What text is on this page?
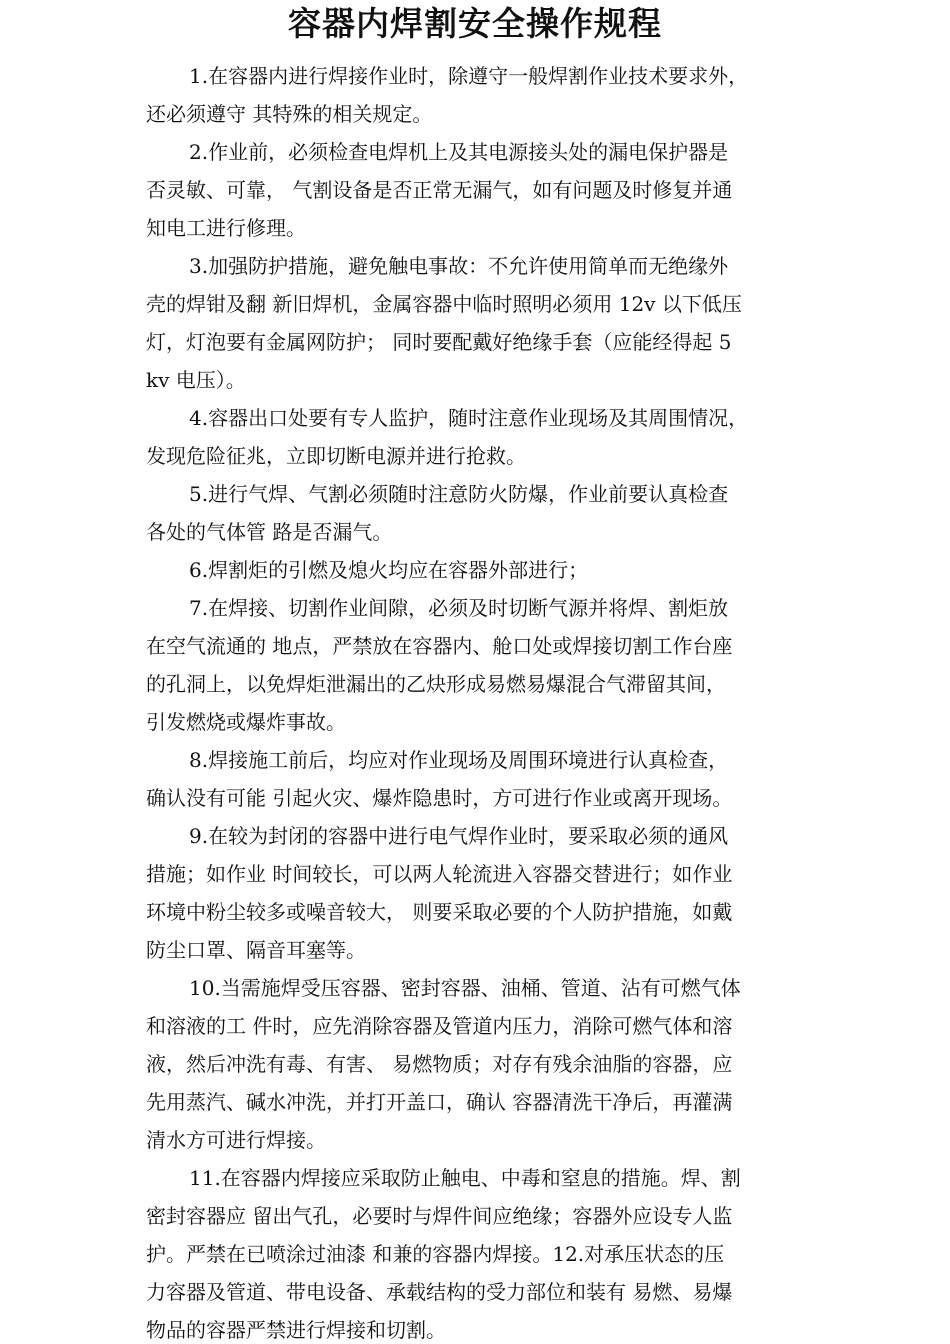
容器内焊割安全操作规程

1.在容器内进行焊接作业时，除遵守一般焊割作业技术要求外，

还必须遵守 其特殊的相关规定。

2.作业前，必须检查电焊机上及其电源接头处的漏电保护器是

否灵敏、可靠， 气割设备是否正常无漏气，如有问题及时修复并通

知电工进行修理。

3.加强防护措施，避免触电事故：不允许使用简单而无绝缘外

壳的焊钳及翻 新旧焊机，金属容器中临时照明必须用 12v 以下低压

灯，灯泡要有金属网防护； 同时要配戴好绝缘手套（应能经得起 5

kv 电压）。

4.容器出口处要有专人监护，随时注意作业现场及其周围情况，

发现危险征兆，立即切断电源并进行抢救。

5.进行气焊、气割必须随时注意防火防爆，作业前要认真检查

各处的气体管 路是否漏气。

6.焊割炬的引燃及熄火均应在容器外部进行；

7.在焊接、切割作业间隙，必须及时切断气源并将焊、割炬放

在空气流通的 地点，严禁放在容器内、舱口处或焊接切割工作台座

的孔洞上，以免焊炬泄漏出的乙炔形成易燃易爆混合气滞留其间，

引发燃烧或爆炸事故。

8.焊接施工前后，均应对作业现场及周围环境进行认真检查，

确认没有可能 引起火灾、爆炸隐患时，方可进行作业或离开现场。

9.在较为封闭的容器中进行电气焊作业时，要采取必须的通风

措施；如作业 时间较长，可以两人轮流进入容器交替进行；如作业

环境中粉尘较多或噪音较大， 则要采取必要的个人防护措施，如戴

防尘口罩、隔音耳塞等。

10.当需施焊受压容器、密封容器、油桶、管道、沾有可燃气体

和溶液的工 件时，应先消除容器及管道内压力，消除可燃气体和溶

液，然后冲洗有毒、有害、 易燃物质；对存有残余油脂的容器，应

先用蒸汽、碱水冲洗，并打开盖口，确认 容器清洗干净后，再灌满

清水方可进行焊接。

11.在容器内焊接应采取防止触电、中毒和窒息的措施。焊、割

密封容器应 留出气孔，必要时与焊件间应绝缘；容器外应设专人监

护。严禁在已喷涂过油漆 和兼的容器内焊接。12.对承压状态的压

力容器及管道、带电设备、承载结构的受力部位和装有 易燃、易爆

物品的容器严禁进行焊接和切割。
